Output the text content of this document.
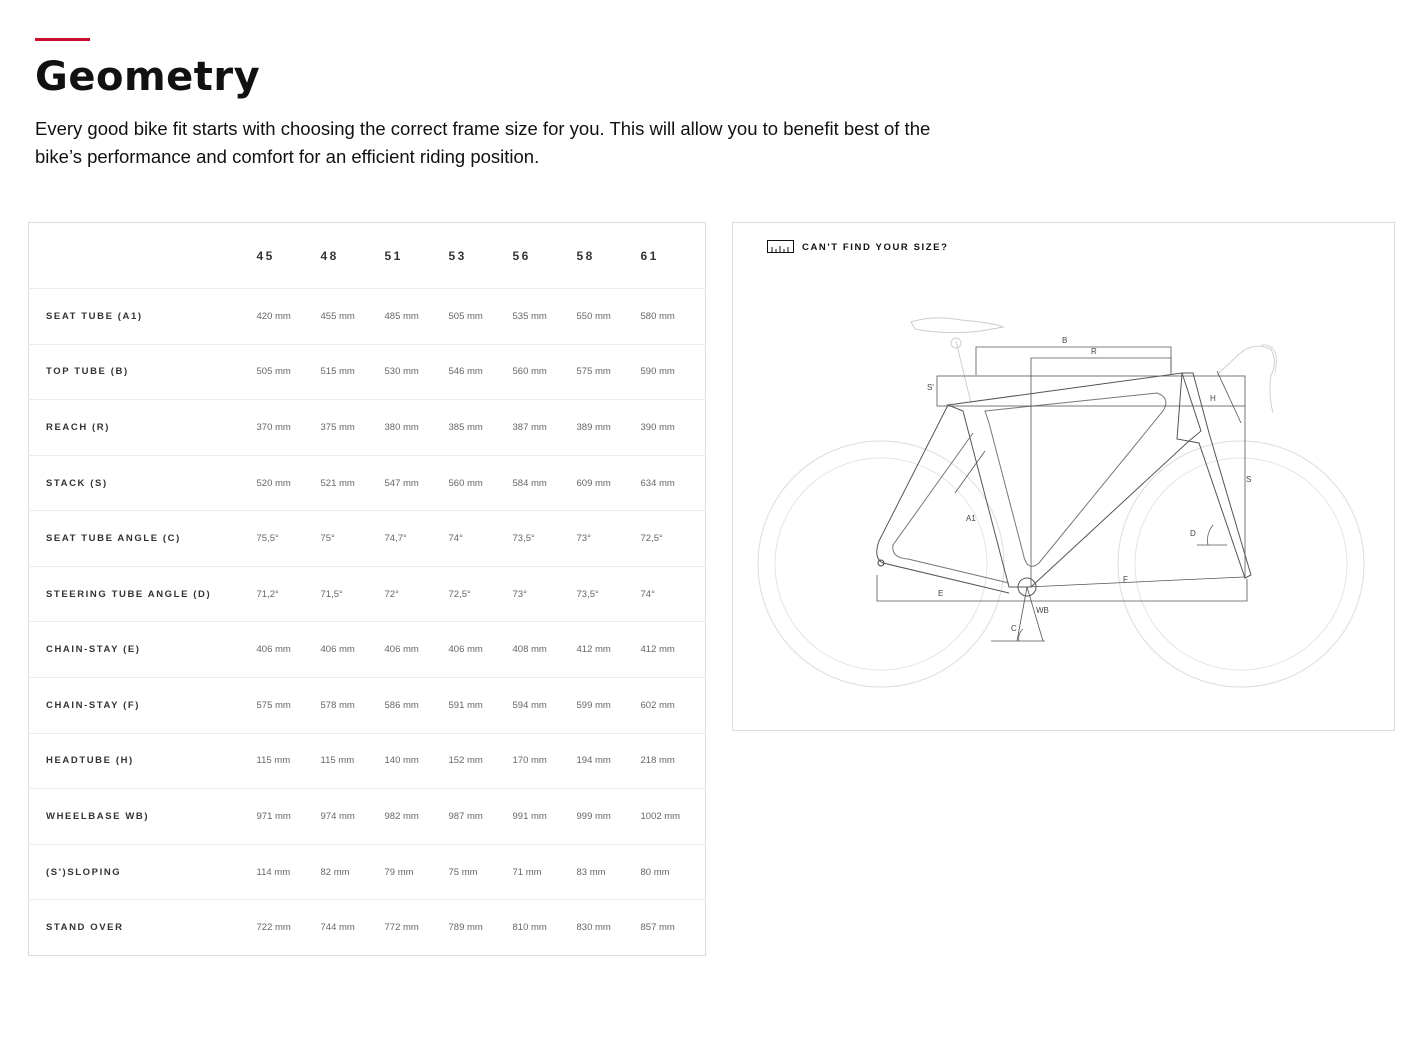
Geometry

Every good bike fit starts with choosing the correct frame size for you. This will allow you to benefit best of the bike’s performance and comfort for an efficient riding position.

	45	48	51	53	56	58	61
SEAT TUBE (A1)	420 mm	455 mm	485 mm	505 mm	535 mm	550 mm	580 mm
TOP TUBE (B)	505 mm	515 mm	530 mm	546 mm	560 mm	575 mm	590 mm
REACH (R)	370 mm	375 mm	380 mm	385 mm	387 mm	389 mm	390 mm
STACK (S)	520 mm	521 mm	547 mm	560 mm	584 mm	609 mm	634 mm
SEAT TUBE ANGLE (C)	75,5°	75°	74,7°	74°	73,5°	73°	72,5°
STEERING TUBE ANGLE (D)	71,2°	71,5°	72°	72,5°	73°	73,5°	74°
CHAIN-STAY (E)	406 mm	406 mm	406 mm	406 mm	408 mm	412 mm	412 mm
CHAIN-STAY (F)	575 mm	578 mm	586 mm	591 mm	594 mm	599 mm	602 mm
HEADTUBE (H)	115 mm	115 mm	140 mm	152 mm	170 mm	194 mm	218 mm
WHEELBASE WB)	971 mm	974 mm	982 mm	987 mm	991 mm	999 mm	1002 mm
(S')SLOPING	114 mm	82 mm	79 mm	75 mm	71 mm	83 mm	80 mm
STAND OVER	722 mm	744 mm	772 mm	789 mm	810 mm	830 mm	857 mm
CAN'T FIND YOUR SIZE?
B
R
S'
H
S
A1
D
F
E
WB
C
